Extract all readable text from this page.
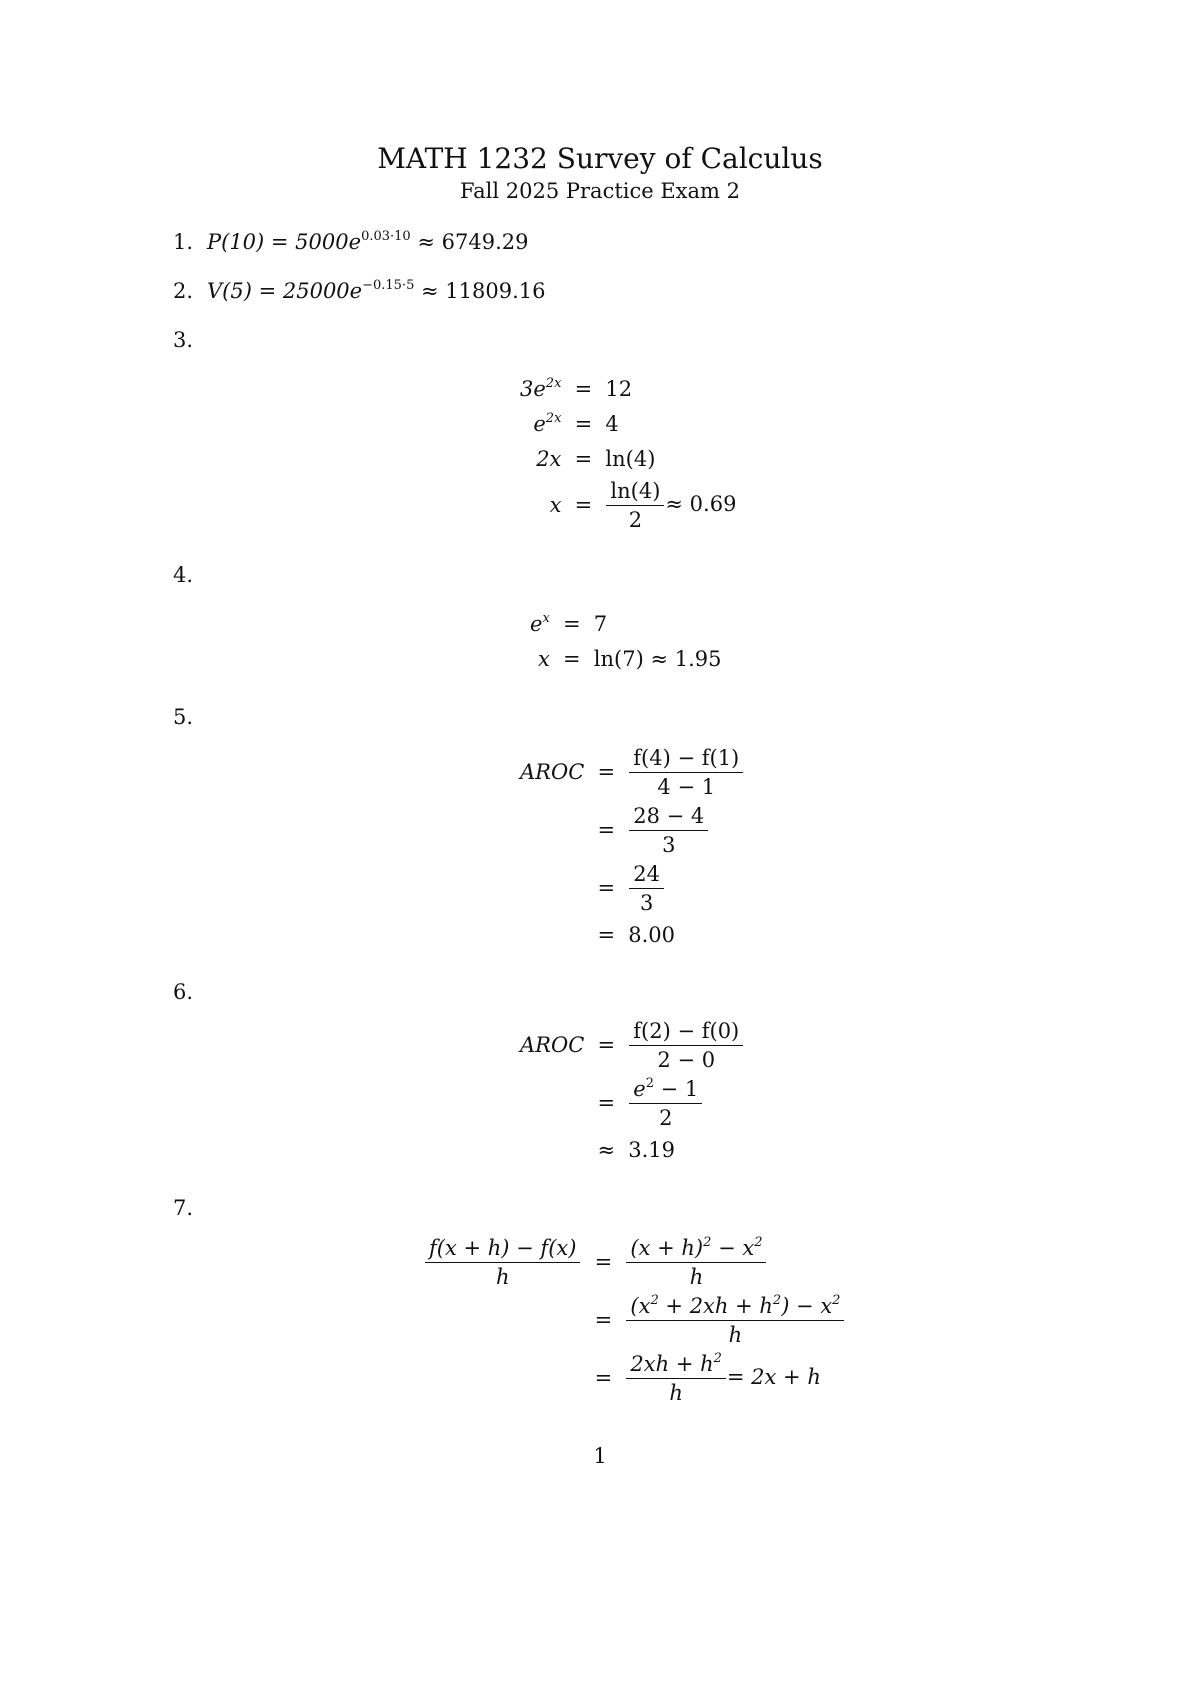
MATH 1232 Survey of Calculus
Fall 2025 Practice Exam 2
1. $P(10) = 5000e^{0.03\cdot 10} \approx 6749.29$
2. $V(5) = 25000e^{-0.15\cdot 5} \approx 11809.16$
3.
$3e^{2x}$	=	12
$e^{2x}$	=	4
2x	=	ln(4)
x	=	$\frac{\ln(4)}{2} \approx 0.69$
4.
$e^x$	=	7
x	=	ln(7) ≈ 1.95
5.
AROC	=	$\frac{f(4) - f(1)}{4 - 1}$

	=	$\frac{28 - 4}{3}$

	=	$\frac{24}{3}$

	=	8.00
6.
AROC	=	$\frac{f(2) - f(0)}{2 - 0}$

	=	$\frac{e^2 - 1}{2}$

	≈	3.19
7.
$\frac{f(x + h) - f(x)}{h}$	=	$\frac{(x + h)^2 - x^2}{h}$

	=	$\frac{(x^2 + 2xh + h^2) - x^2}{h}$

	=	$\frac{2xh + h^2}{h} = 2x + h$
1
